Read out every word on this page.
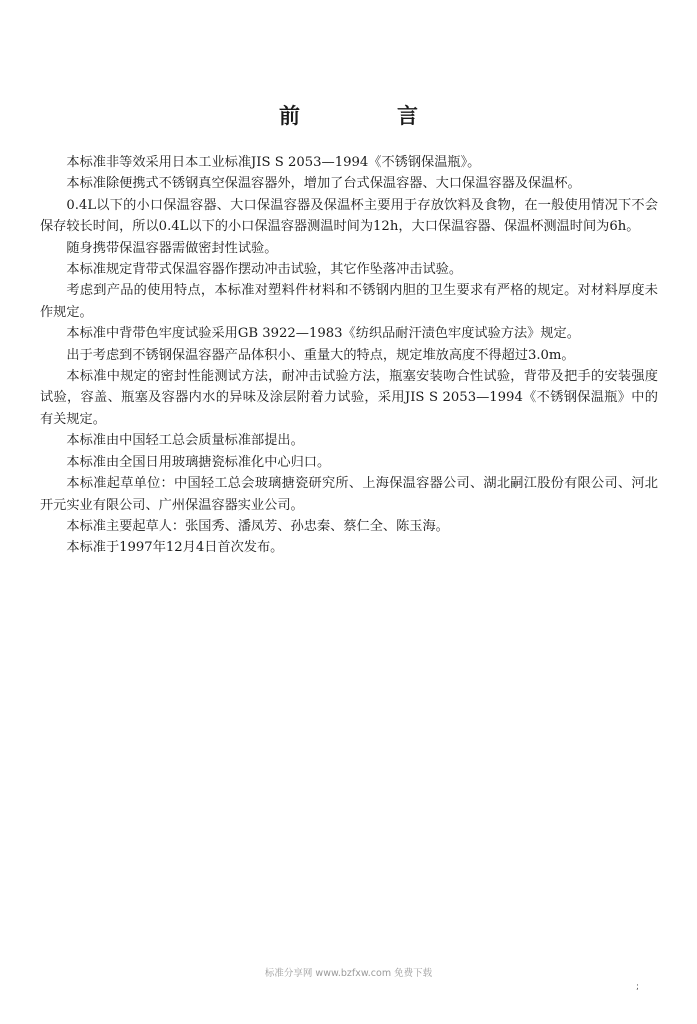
前　言

本标准非等效采用日本工业标准JIS S 2053—1994《不锈钢保温瓶》。

本标准除便携式不锈钢真空保温容器外，增加了台式保温容器、大口保温容器及保温杯。

0.4L以下的小口保温容器、大口保温容器及保温杯主要用于存放饮料及食物，在一般使用情况下不会保存较长时间，所以0.4L以下的小口保温容器测温时间为12h，大口保温容器、保温杯测温时间为6h。

随身携带保温容器需做密封性试验。

本标准规定背带式保温容器作摆动冲击试验，其它作坠落冲击试验。

考虑到产品的使用特点，本标准对塑料件材料和不锈钢内胆的卫生要求有严格的规定。对材料厚度未作规定。

本标准中背带色牢度试验采用GB 3922—1983《纺织品耐汗渍色牢度试验方法》规定。

出于考虑到不锈钢保温容器产品体积小、重量大的特点，规定堆放高度不得超过3.0m。

本标准中规定的密封性能测试方法，耐冲击试验方法，瓶塞安装吻合性试验，背带及把手的安装强度试验，容盖、瓶塞及容器内水的异味及涂层附着力试验，采用JIS S 2053—1994《不锈钢保温瓶》中的有关规定。

本标准由中国轻工总会质量标准部提出。

本标准由全国日用玻璃搪瓷标准化中心归口。

本标准起草单位：中国轻工总会玻璃搪瓷研究所、上海保温容器公司、湖北嗣江股份有限公司、河北开元实业有限公司、广州保温容器实业公司。

本标准主要起草人：张国秀、潘凤芳、孙忠秦、蔡仁全、陈玉海。

本标准于1997年12月4日首次发布。

标准分享网 www.bzfxw.com 免费下载
;
